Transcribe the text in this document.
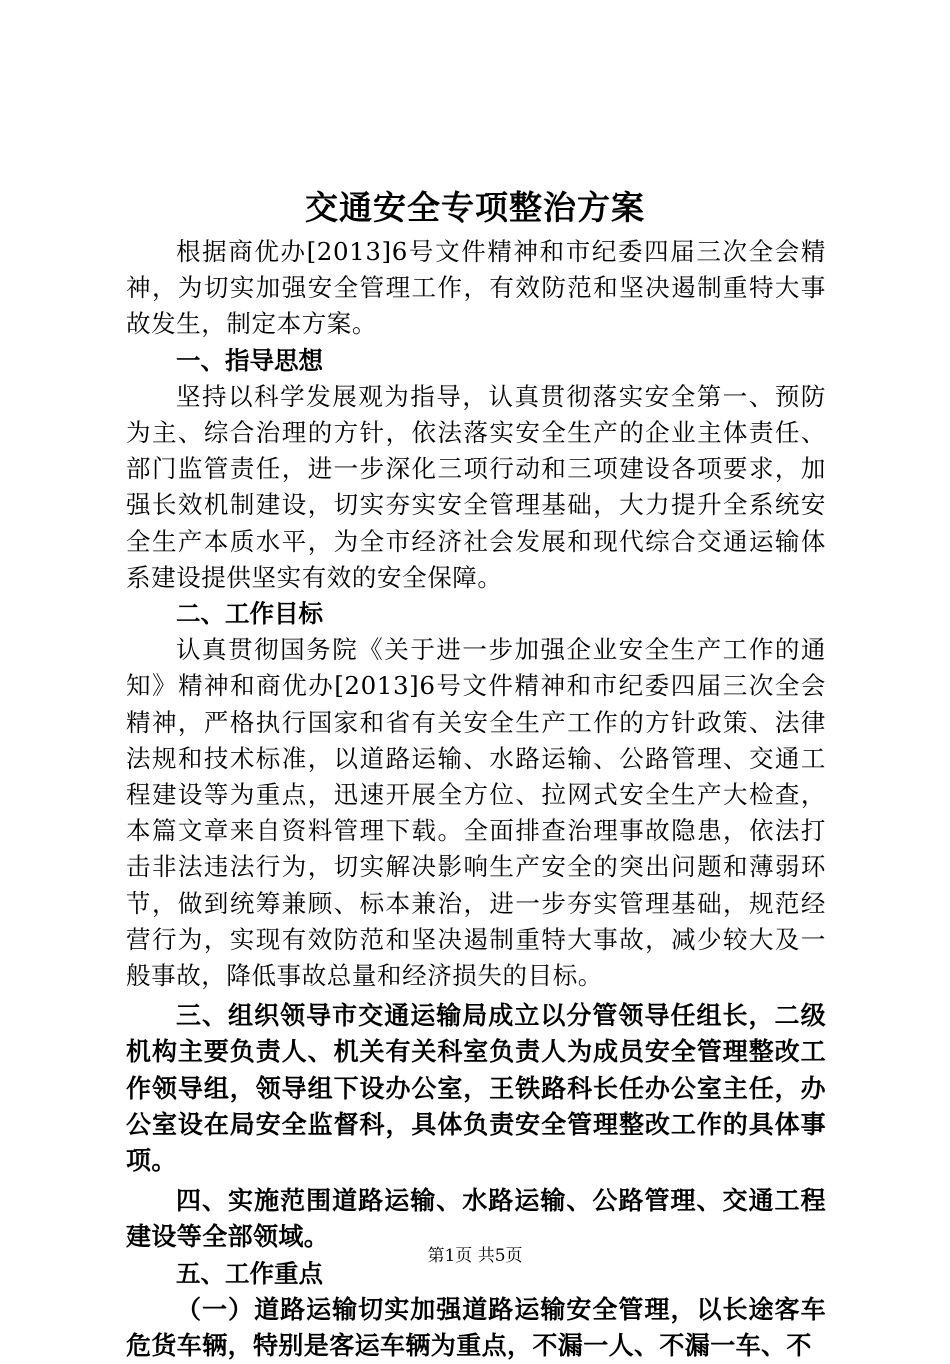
交通安全专项整治方案

根据商优办[2013]6号文件精神和市纪委四届三次全会精神，为切实加强安全管理工作，有效防范和坚决遏制重特大事故发生，制定本方案。

一、指导思想

坚持以科学发展观为指导，认真贯彻落实安全第一、预防为主、综合治理的方针，依法落实安全生产的企业主体责任、部门监管责任，进一步深化三项行动和三项建设各项要求，加强长效机制建设，切实夯实安全管理基础，大力提升全系统安全生产本质水平，为全市经济社会发展和现代综合交通运输体系建设提供坚实有效的安全保障。

二、工作目标

认真贯彻国务院《关于进一步加强企业安全生产工作的通知》精神和商优办[2013]6号文件精神和市纪委四届三次全会精神，严格执行国家和省有关安全生产工作的方针政策、法律法规和技术标准，以道路运输、水路运输、公路管理、交通工程建设等为重点，迅速开展全方位、拉网式安全生产大检查，本篇文章来自资料管理下载。全面排查治理事故隐患，依法打击非法违法行为，切实解决影响生产安全的突出问题和薄弱环节，做到统筹兼顾、标本兼治，进一步夯实管理基础，规范经营行为，实现有效防范和坚决遏制重特大事故，减少较大及一般事故，降低事故总量和经济损失的目标。

三、组织领导市交通运输局成立以分管领导任组长，二级机构主要负责人、机关有关科室负责人为成员安全管理整改工作领导组，领导组下设办公室，王铁路科长任办公室主任，办公室设在局安全监督科，具体负责安全管理整改工作的具体事项。

四、实施范围道路运输、水路运输、公路管理、交通工程建设等全部领域。

五、工作重点

（一）道路运输切实加强道路运输安全管理，以长途客车危货车辆，特别是客运车辆为重点，不漏一人、不漏一车、不

第1页 共5页
